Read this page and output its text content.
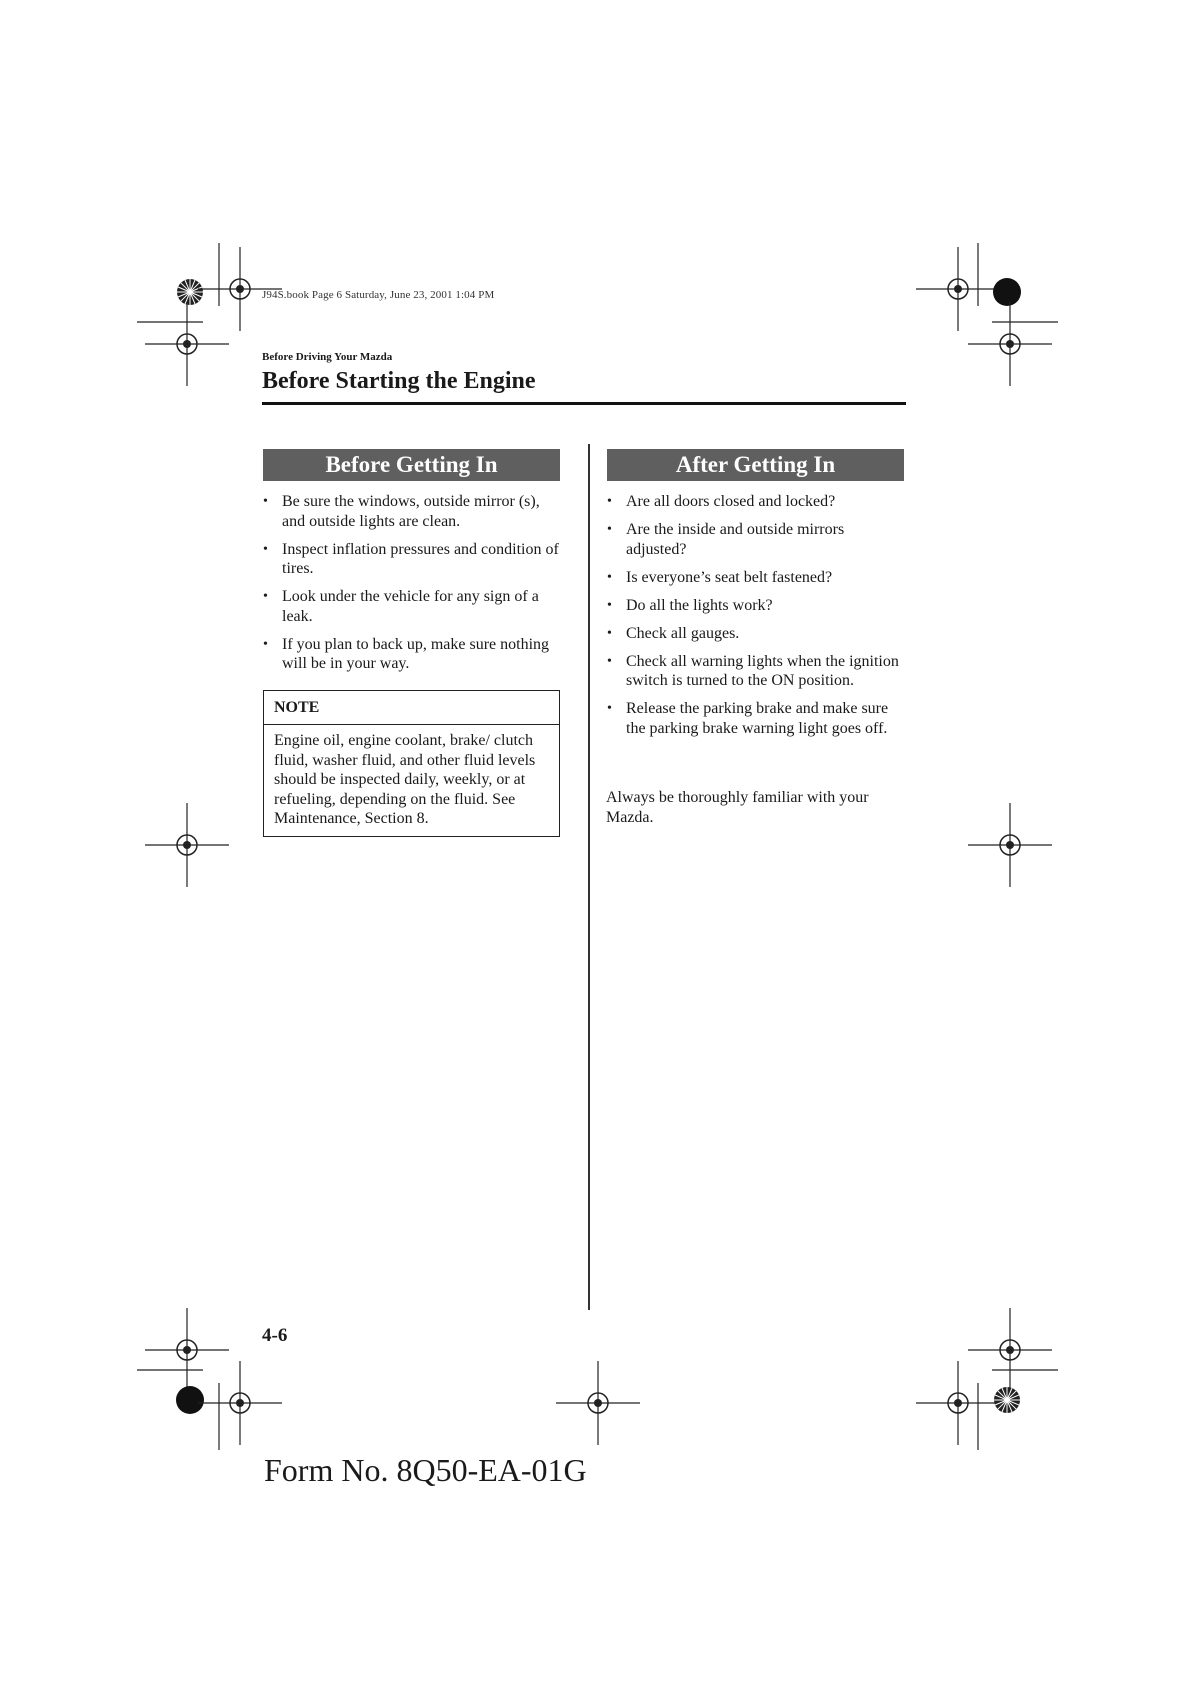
J94S.book Page 6 Saturday, June 23, 2001 1:04 PM
Before Driving Your Mazda
Before Starting the Engine
Before Getting In
• Be sure the windows, outside mirror (s), and outside lights are clean.
• Inspect inflation pressures and condition of tires.
• Look under the vehicle for any sign of a leak.
• If you plan to back up, make sure nothing will be in your way.
NOTE
Engine oil, engine coolant, brake/ clutch fluid, washer fluid, and other fluid levels should be inspected daily, weekly, or at refueling, depending on the fluid. See Maintenance, Section 8.
After Getting In
• Are all doors closed and locked?
• Are the inside and outside mirrors adjusted?
• Is everyone’s seat belt fastened?
• Do all the lights work?
• Check all gauges.
• Check all warning lights when the ignition switch is turned to the ON position.
• Release the parking brake and make sure the parking brake warning light goes off.
Always be thoroughly familiar with your Mazda.
4-6
Form No. 8Q50-EA-01G
